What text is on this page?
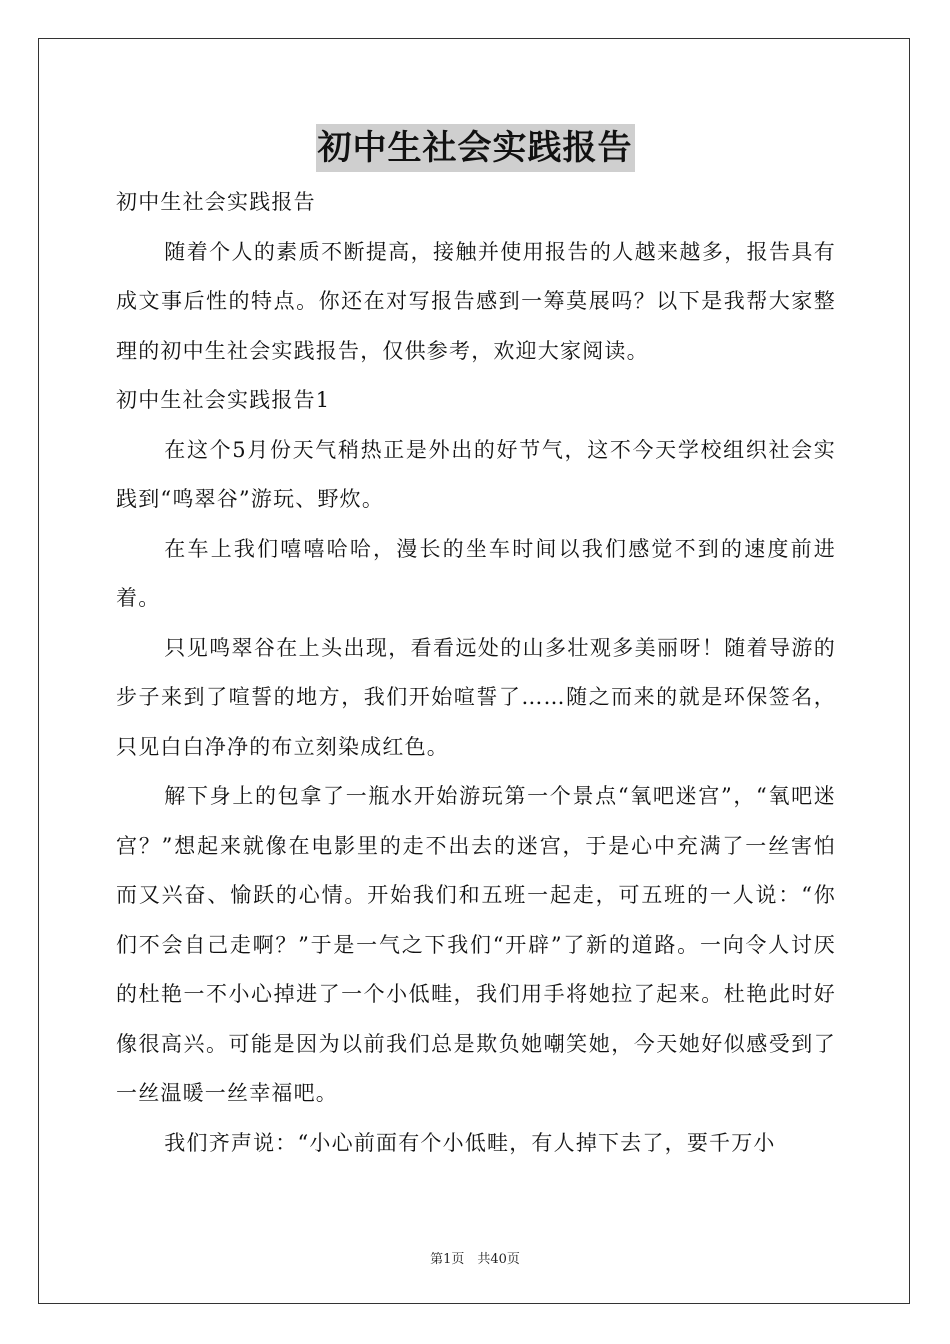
初中生社会实践报告

初中生社会实践报告

随着个人的素质不断提高，接触并使用报告的人越来越多，报告具有成文事后性的特点。你还在对写报告感到一筹莫展吗？以下是我帮大家整理的初中生社会实践报告，仅供参考，欢迎大家阅读。

初中生社会实践报告1

在这个5月份天气稍热正是外出的好节气，这不今天学校组织社会实践到“鸣翠谷”游玩、野炊。

在车上我们嘻嘻哈哈，漫长的坐车时间以我们感觉不到的速度前进着。

只见鸣翠谷在上头出现，看看远处的山多壮观多美丽呀！随着导游的步子来到了喧誓的地方，我们开始喧誓了……随之而来的就是环保签名，只见白白净净的布立刻染成红色。

解下身上的包拿了一瓶水开始游玩第一个景点“氧吧迷宫”，“氧吧迷宫？”想起来就像在电影里的走不出去的迷宫，于是心中充满了一丝害怕而又兴奋、愉跃的心情。开始我们和五班一起走，可五班的一人说：“你们不会自己走啊？”于是一气之下我们“开辟”了新的道路。一向令人讨厌的杜艳一不小心掉进了一个小低畦，我们用手将她拉了起来。杜艳此时好像很高兴。可能是因为以前我们总是欺负她嘲笑她，今天她好似感受到了一丝温暖一丝幸福吧。

我们齐声说：“小心前面有个小低畦，有人掉下去了，要千万小

第1页　共40页
